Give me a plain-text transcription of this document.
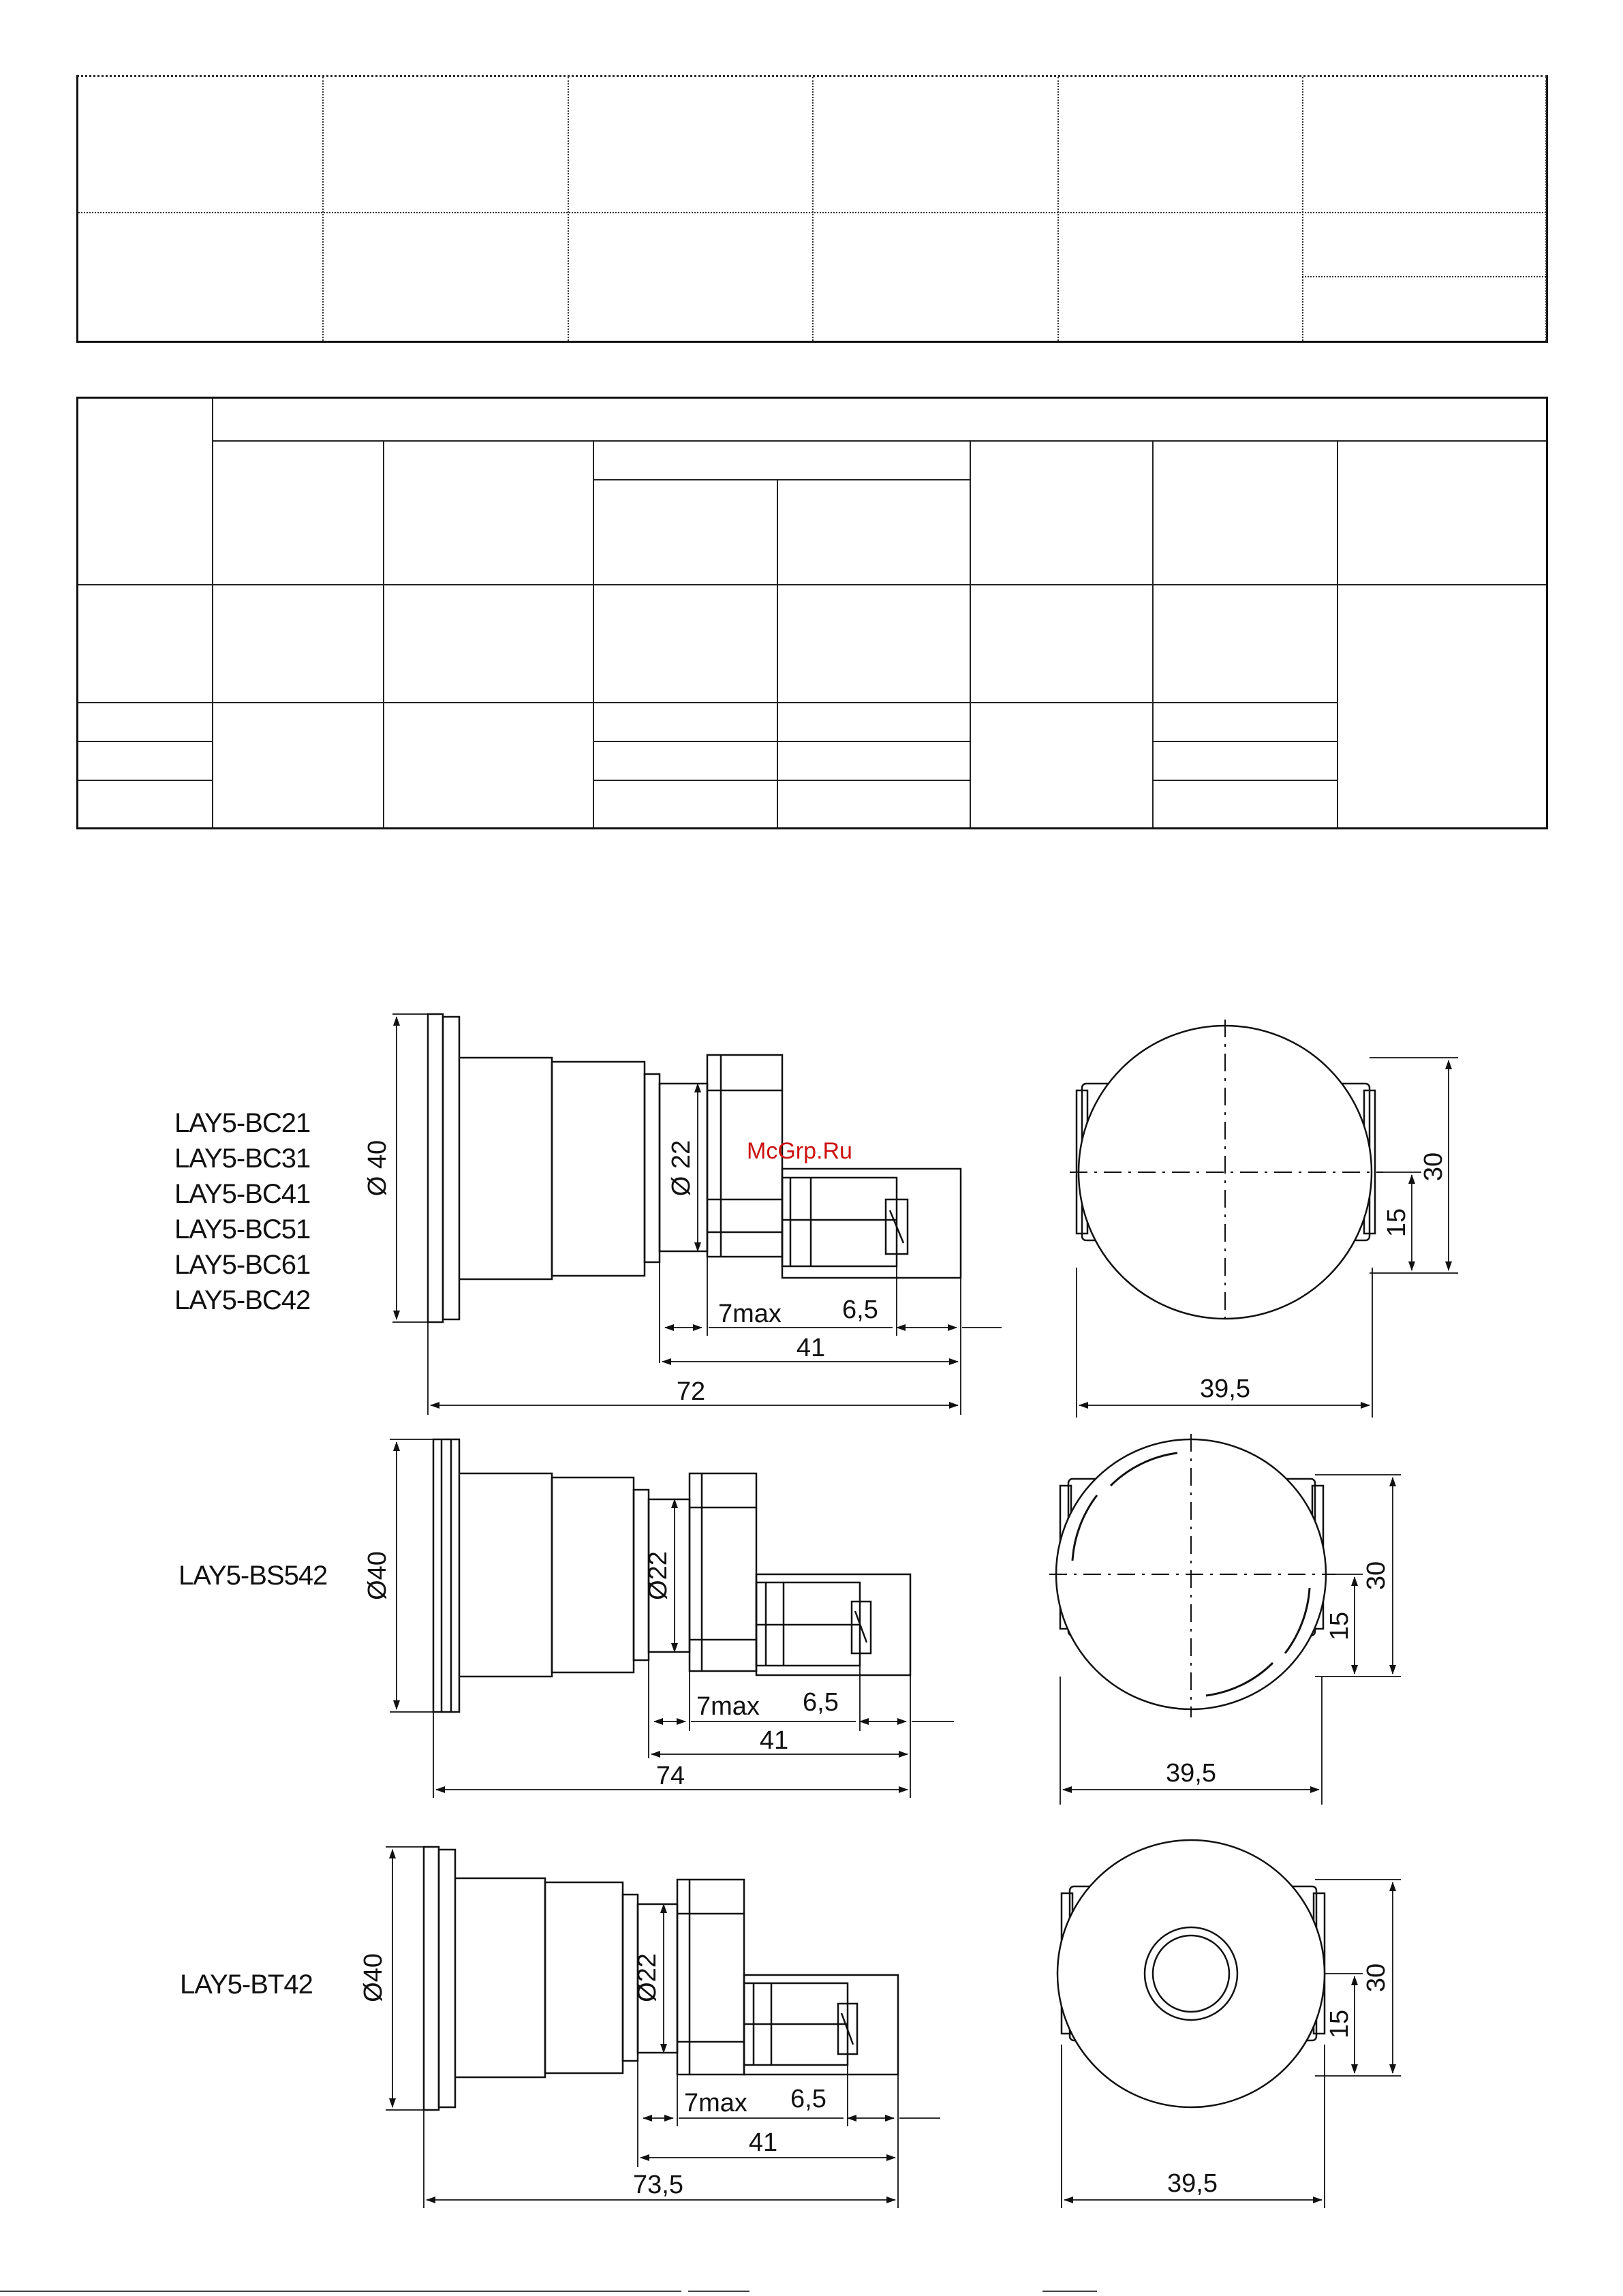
LAY5-BC21
LAY5-BC31
LAY5-BC41
LAY5-BC51
LAY5-BC61
LAY5-BC42
LAY5-BS542
LAY5-BT42
Ø 40	Ø 22
7max 6,5
41
72	39,5
30
15
Ø40	Ø22
7max 6,5
41
74	39,5
30
15
Ø40	Ø22
7max 6,5
41
73,5	39,5
30
15
McGrp.Ru
